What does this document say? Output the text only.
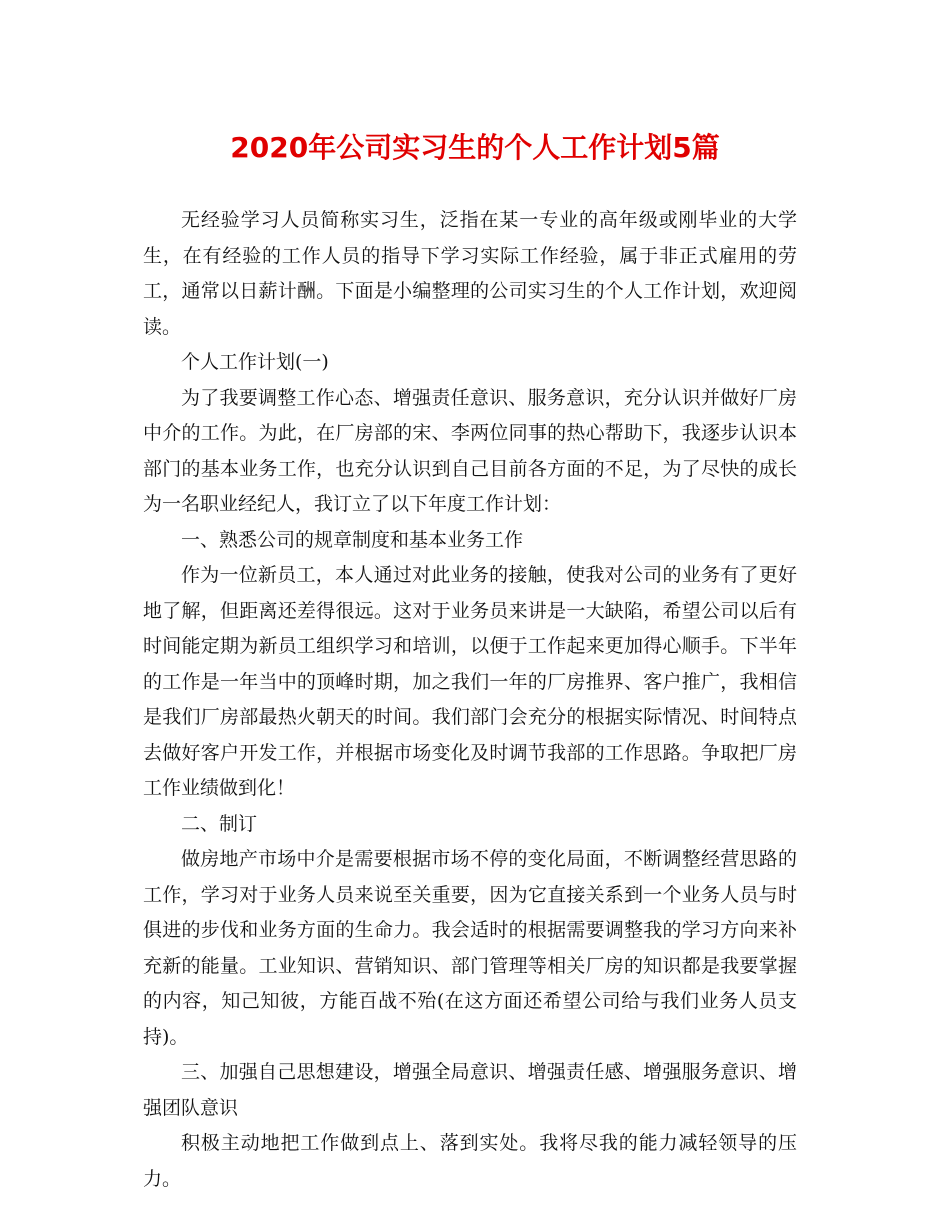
2020年公司实习生的个人工作计划5篇

无经验学习人员简称实习生，泛指在某一专业的高年级或刚毕业的大学生，在有经验的工作人员的指导下学习实际工作经验，属于非正式雇用的劳工，通常以日薪计酬。下面是小编整理的公司实习生的个人工作计划，欢迎阅读。

个人工作计划(一)

为了我要调整工作心态、增强责任意识、服务意识，充分认识并做好厂房中介的工作。为此，在厂房部的宋、李两位同事的热心帮助下，我逐步认识本部门的基本业务工作，也充分认识到自己目前各方面的不足，为了尽快的成长为一名职业经纪人，我订立了以下年度工作计划：

一、熟悉公司的规章制度和基本业务工作

作为一位新员工，本人通过对此业务的接触，使我对公司的业务有了更好地了解，但距离还差得很远。这对于业务员来讲是一大缺陷，希望公司以后有时间能定期为新员工组织学习和培训，以便于工作起来更加得心顺手。下半年的工作是一年当中的顶峰时期，加之我们一年的厂房推界、客户推广，我相信是我们厂房部最热火朝天的时间。我们部门会充分的根据实际情况、时间特点去做好客户开发工作，并根据市场变化及时调节我部的工作思路。争取把厂房工作业绩做到化！

二、制订

做房地产市场中介是需要根据市场不停的变化局面，不断调整经营思路的工作，学习对于业务人员来说至关重要，因为它直接关系到一个业务人员与时俱进的步伐和业务方面的生命力。我会适时的根据需要调整我的学习方向来补充新的能量。工业知识、营销知识、部门管理等相关厂房的知识都是我要掌握的内容，知己知彼，方能百战不殆(在这方面还希望公司给与我们业务人员支持)。

三、加强自己思想建设，增强全局意识、增强责任感、增强服务意识、增强团队意识

积极主动地把工作做到点上、落到实处。我将尽我的能力减轻领导的压力。
